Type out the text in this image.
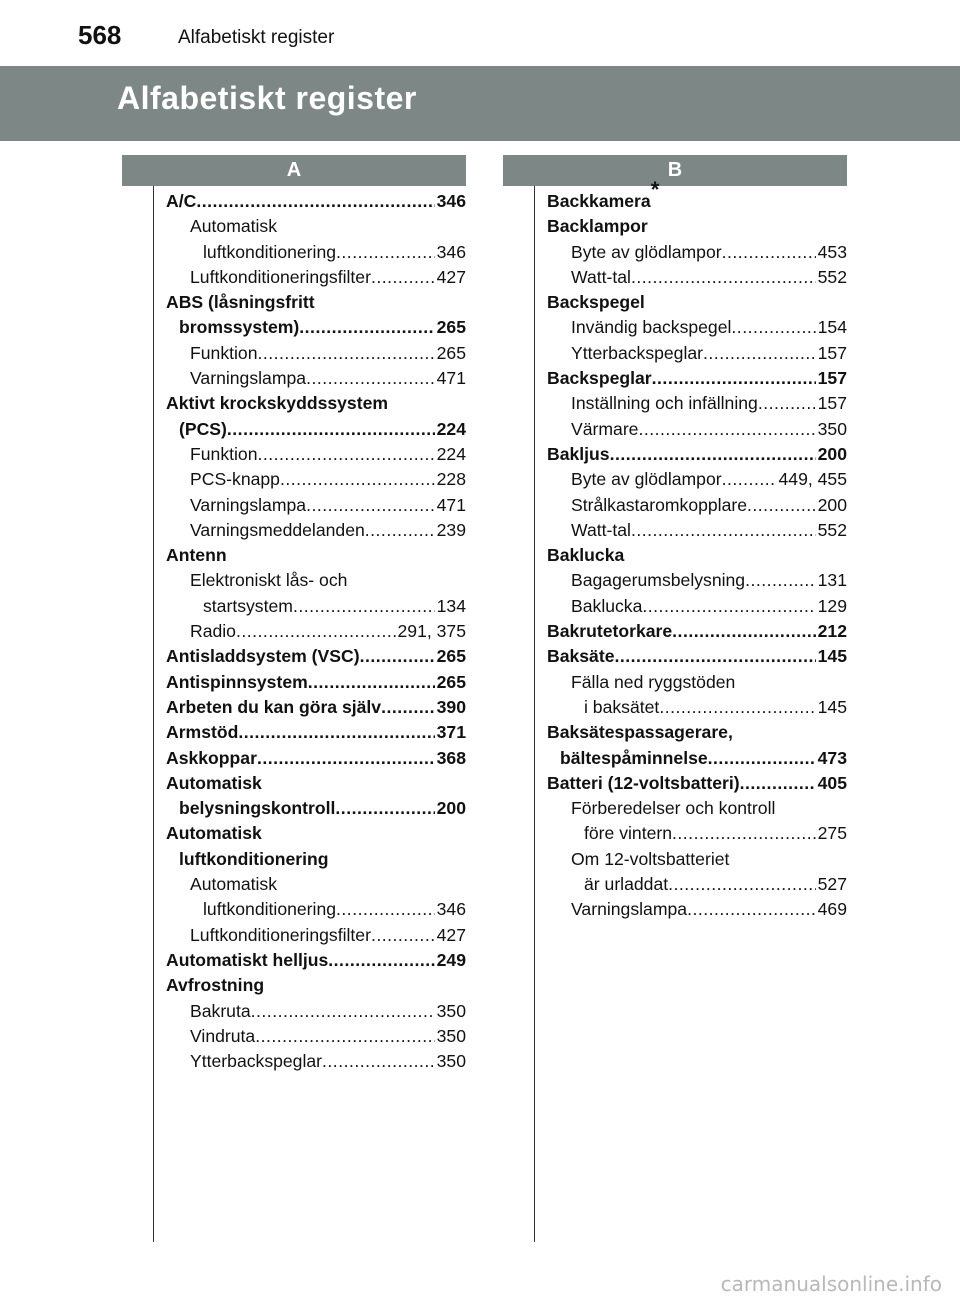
568	Alfabetiskt register
Alfabetiskt register
A	B
A/C .....	346
Automatisk
luftkonditionering .....	346
Luftkonditioneringsfilter .....	427
ABS (låsningsfritt
bromssystem) .....	265
Funktion .....	265
Varningslampa .....	471
Aktivt krockskyddssystem
(PCS) .....	224
Funktion .....	224
PCS-knapp .....	228
Varningslampa .....	471
Varningsmeddelanden .....	239
Antenn
Elektroniskt lås- och
startsystem .....	134
Radio .....	291, 375
Antisladdsystem (VSC) .....	265
Antispinnsystem .....	265
Arbeten du kan göra själv .....	390
Armstöd .....	371
Askkoppar .....	368
Automatisk
belysningskontroll .....	200
Automatisk
luftkonditionering
Automatisk
luftkonditionering .....	346
Luftkonditioneringsfilter .....	427
Automatiskt helljus .....	249
Avfrostning
Bakruta .....	350
Vindruta .....	350
Ytterbackspeglar .....	350
Backkamera*
Backlampor
Byte av glödlampor .....	453
Watt-tal .....	552
Backspegel
Invändig backspegel .....	154
Ytterbackspeglar .....	157
Backspeglar .....	157
Inställning och infällning .....	157
Värmare .....	350
Bakljus .....	200
Byte av glödlampor .....	449, 455
Strålkastaromkopplare .....	200
Watt-tal .....	552
Baklucka
Bagagerumsbelysning .....	131
Baklucka .....	129
Bakrutetorkare .....	212
Baksäte .....	145
Fälla ned ryggstöden
i baksätet .....	145
Baksätespassagerare,
bältespåminnelse .....	473
Batteri (12-voltsbatteri) .....	405
Förberedelser och kontroll
före vintern .....	275
Om 12-voltsbatteriet
är urladdat .....	527
Varningslampa .....	469
carmanualsonline.info
